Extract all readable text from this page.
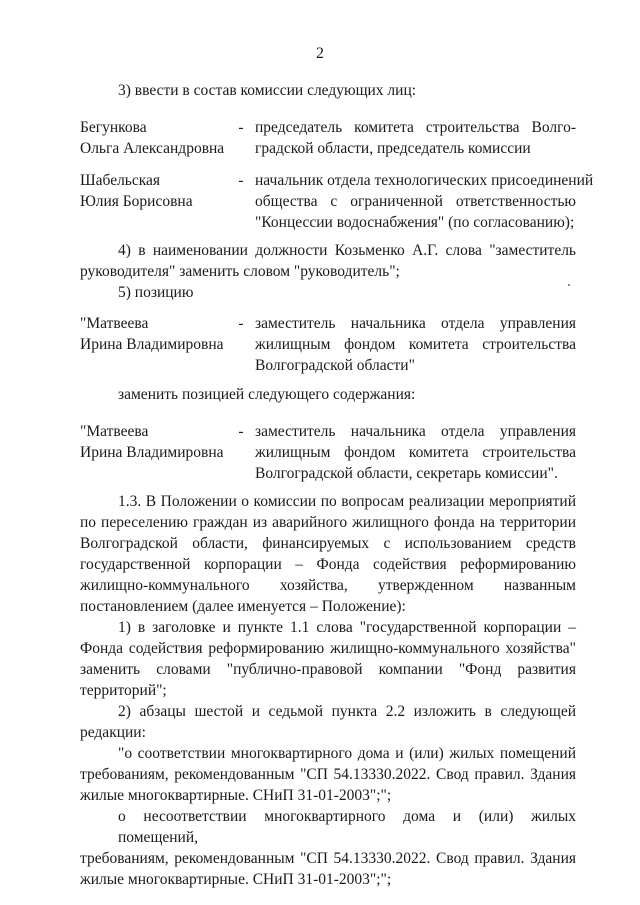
2
3) ввести в состав комиссии следующих лиц:
Бегункова
Ольга Александровна
- председатель комитета строительства Волго-
градской области, председатель комиссии
Шабельская
Юлия Борисовна
- начальник отдела технологических присоединений
общества с ограниченной ответственностью
"Концессии водоснабжения" (по согласованию);
4) в наименовании должности Козьменко А.Г. слова "заместитель
руководителя" заменить словом "руководитель";
5) позицию
"Матвеева
Ирина Владимировна
- заместитель начальника отдела управления
жилищным фондом комитета строительства
Волгоградской области"
заменить позицией следующего содержания:
"Матвеева
Ирина Владимировна
- заместитель начальника отдела управления
жилищным фондом комитета строительства
Волгоградской области, секретарь комиссии".
1.3. В Положении о комиссии по вопросам реализации мероприятий
по переселению граждан из аварийного жилищного фонда на территории
Волгоградской области, финансируемых с использованием средств
государственной корпорации – Фонда содействия реформированию
жилищно-коммунального хозяйства, утвержденном названным
постановлением (далее именуется – Положение):
1) в заголовке и пункте 1.1 слова "государственной корпорации –
Фонда содействия реформированию жилищно-коммунального хозяйства"
заменить словами "публично-правовой компании "Фонд развития
территорий";
2) абзацы шестой и седьмой пункта 2.2 изложить в следующей
редакции:
"о соответствии многоквартирного дома и (или) жилых помещений
требованиям, рекомендованным "СП 54.13330.2022. Свод правил. Здания
жилые многоквартирные. СНиП 31-01-2003";";
о несоответствии многоквартирного дома и (или) жилых помещений,
требованиям, рекомендованным "СП 54.13330.2022. Свод правил. Здания
жилые многоквартирные. СНиП 31-01-2003";";
